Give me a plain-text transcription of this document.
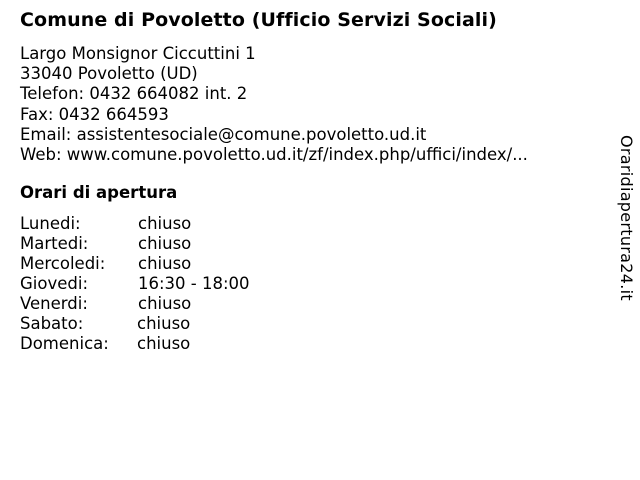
Comune di Povoletto (Ufficio Servizi Sociali)
Largo Monsignor Ciccuttini 1
33040 Povoletto (UD)
Telefon: 0432 664082 int. 2
Fax: 0432 664593
Email: assistentesociale@comune.povoletto.ud.it
Web: www.comune.povoletto.ud.it/zf/index.php/uffici/index/...
Orari di apertura
Lunedi:	chiuso
Martedi:	chiuso
Mercoledi: chiuso
Giovedi:	16:30 - 18:00
Venerdi:	chiuso
Sabato:	chiuso
Domenica: chiuso
Oraridiapertura24.it
